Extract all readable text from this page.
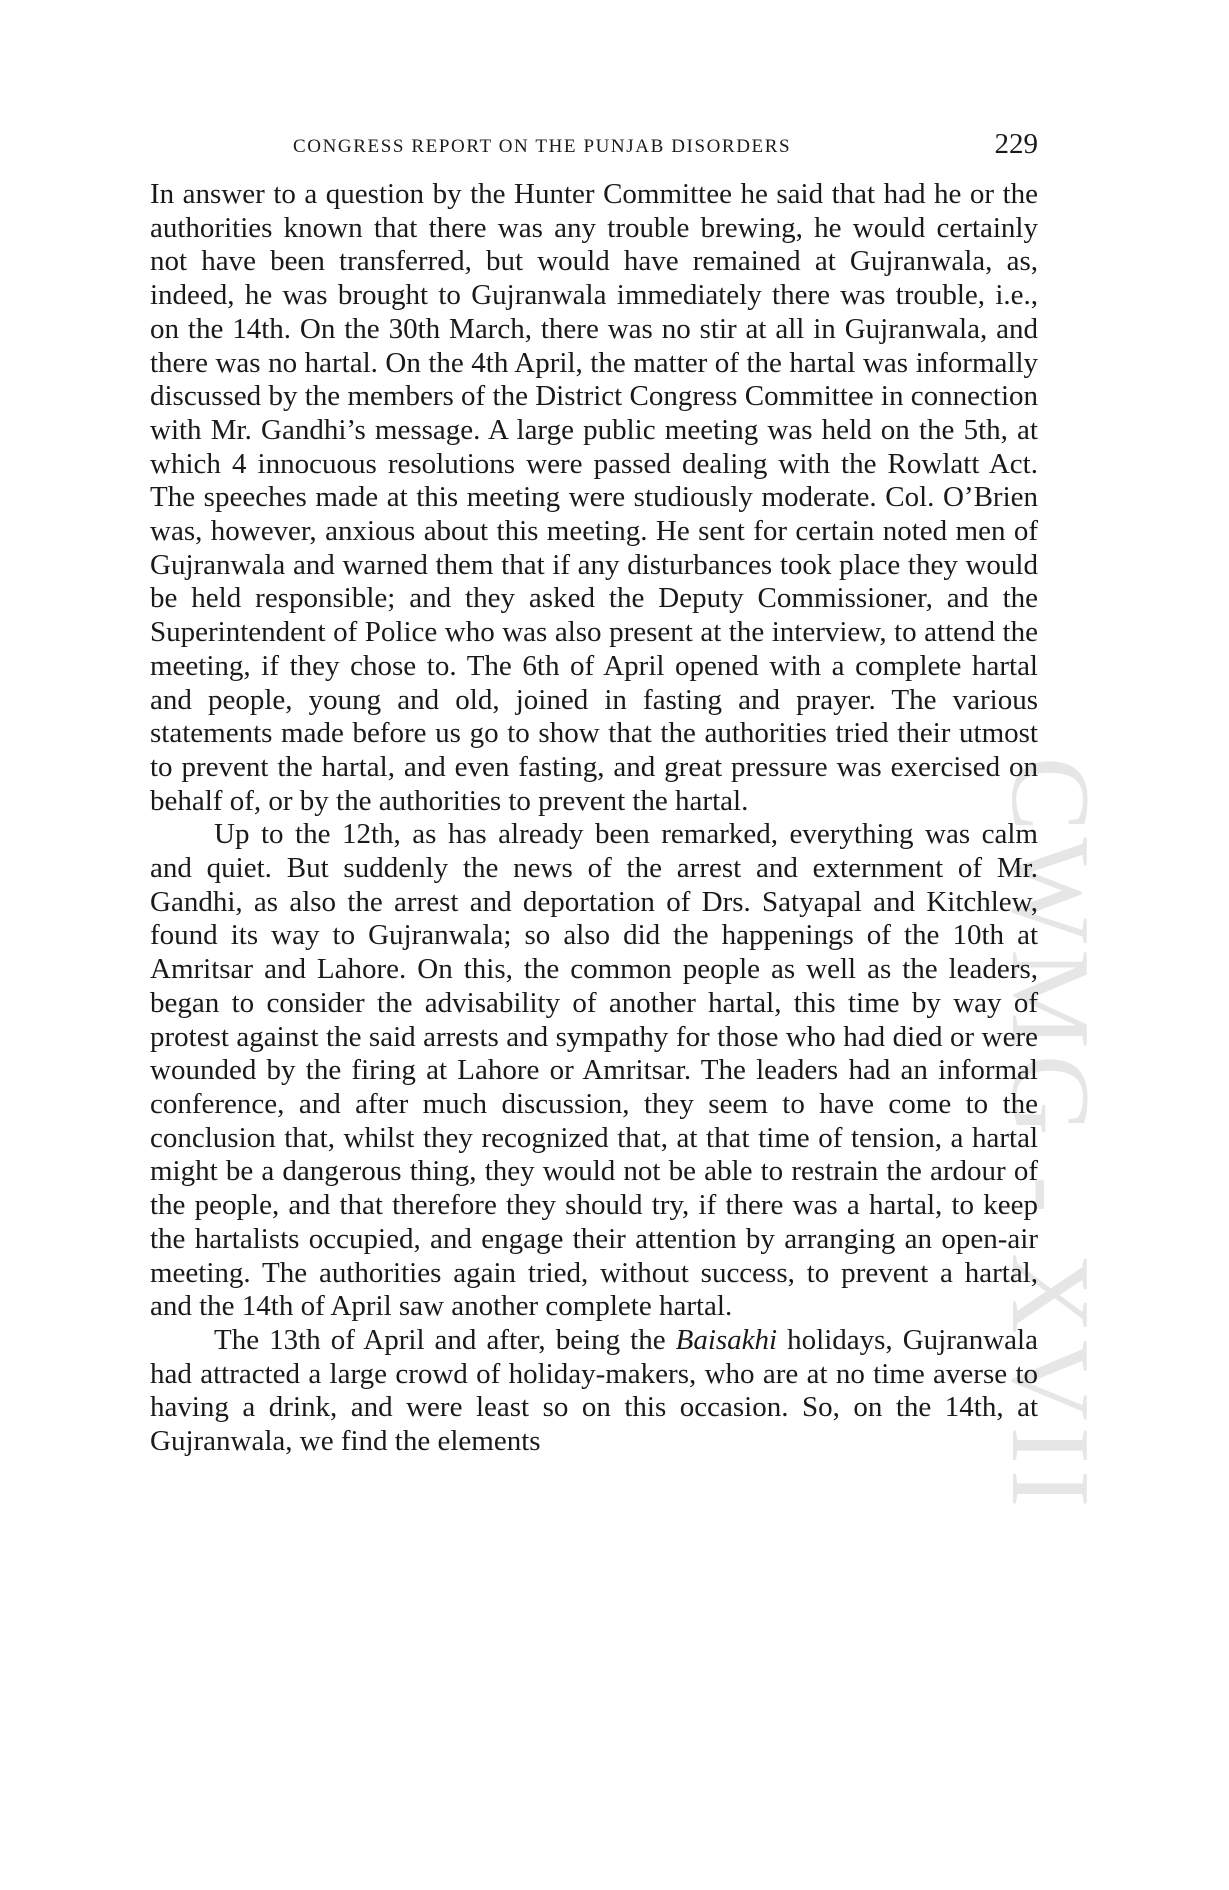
CWMG - XVII
CONGRESS REPORT ON THE PUNJAB DISORDERS	229

In answer to a question by the Hunter Committee he said that had he or the authorities known that there was any trouble brewing, he would certainly not have been transferred, but would have remained at Gujranwala, as, indeed, he was brought to Gujranwala immediately there was trouble, i.e., on the 14th. On the 30th March, there was no stir at all in Gujranwala, and there was no hartal. On the 4th April, the matter of the hartal was informally discussed by the members of the District Congress Committee in connection with Mr. Gandhi’s message. A large public meeting was held on the 5th, at which 4 innocuous resolutions were passed dealing with the Rowlatt Act. The speeches made at this meeting were studiously moderate. Col. O’Brien was, however, anxious about this meeting. He sent for certain noted men of Gujranwala and warned them that if any disturbances took place they would be held responsible; and they asked the Deputy Commissioner, and the Superintendent of Police who was also present at the interview, to attend the meeting, if they chose to. The 6th of April opened with a complete hartal and people, young and old, joined in fasting and prayer. The various statements made before us go to show that the authorities tried their utmost to prevent the hartal, and even fasting, and great pressure was exercised on behalf of, or by the authorities to prevent the hartal.

Up to the 12th, as has already been remarked, everything was calm and quiet. But suddenly the news of the arrest and externment of Mr. Gandhi, as also the arrest and deportation of Drs. Satyapal and Kitchlew, found its way to Gujranwala; so also did the happenings of the 10th at Amritsar and Lahore. On this, the common people as well as the leaders, began to consider the advisability of another hartal, this time by way of protest against the said arrests and sympathy for those who had died or were wounded by the firing at Lahore or Amritsar. The leaders had an informal conference, and after much discussion, they seem to have come to the conclusion that, whilst they recognized that, at that time of tension, a hartal might be a dangerous thing, they would not be able to restrain the ardour of the people, and that therefore they should try, if there was a hartal, to keep the hartalists occupied, and engage their attention by arranging an open-air meeting. The authorities again tried, without success, to prevent a hartal, and the 14th of April saw another complete hartal.

The 13th of April and after, being the Baisakhi holidays, Gujranwala had attracted a large crowd of holiday-makers, who are at no time averse to having a drink, and were least so on this occasion. So, on the 14th, at Gujranwala, we find the elements
